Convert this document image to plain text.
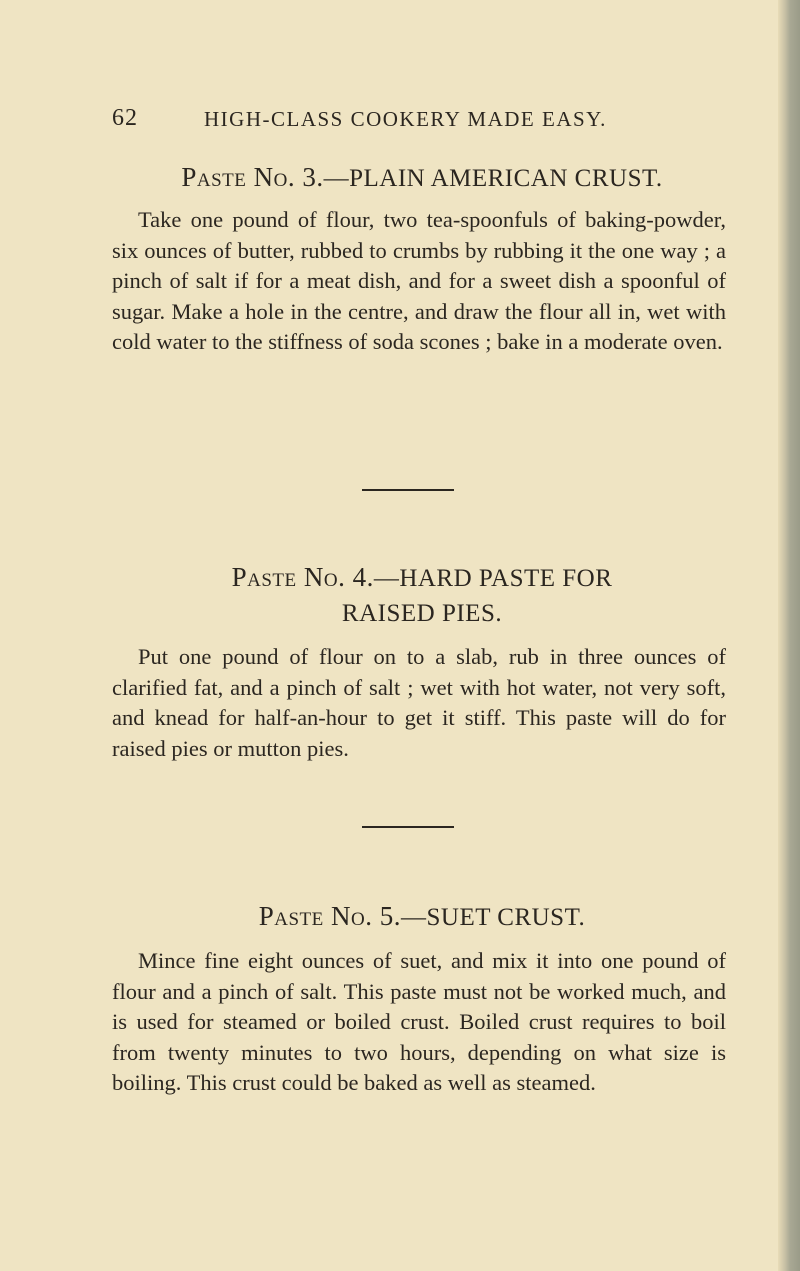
62	HIGH-CLASS COOKERY MADE EASY.
Paste No. 3.—PLAIN AMERICAN CRUST.

Take one pound of flour, two tea-spoonfuls of baking-powder, six ounces of butter, rubbed to crumbs by rubbing it the one way ; a pinch of salt if for a meat dish, and for a sweet dish a spoonful of sugar. Make a hole in the centre, and draw the flour all in, wet with cold water to the stiffness of soda scones ; bake in a moderate oven.

Paste No. 4.—HARD PASTE FOR
RAISED PIES.

Put one pound of flour on to a slab, rub in three ounces of clarified fat, and a pinch of salt ; wet with hot water, not very soft, and knead for half-an-hour to get it stiff. This paste will do for raised pies or mutton pies.

Paste No. 5.—SUET CRUST.

Mince fine eight ounces of suet, and mix it into one pound of flour and a pinch of salt. This paste must not be worked much, and is used for steamed or boiled crust. Boiled crust requires to boil from twenty minutes to two hours, depending on what size is boiling. This crust could be baked as well as steamed.
